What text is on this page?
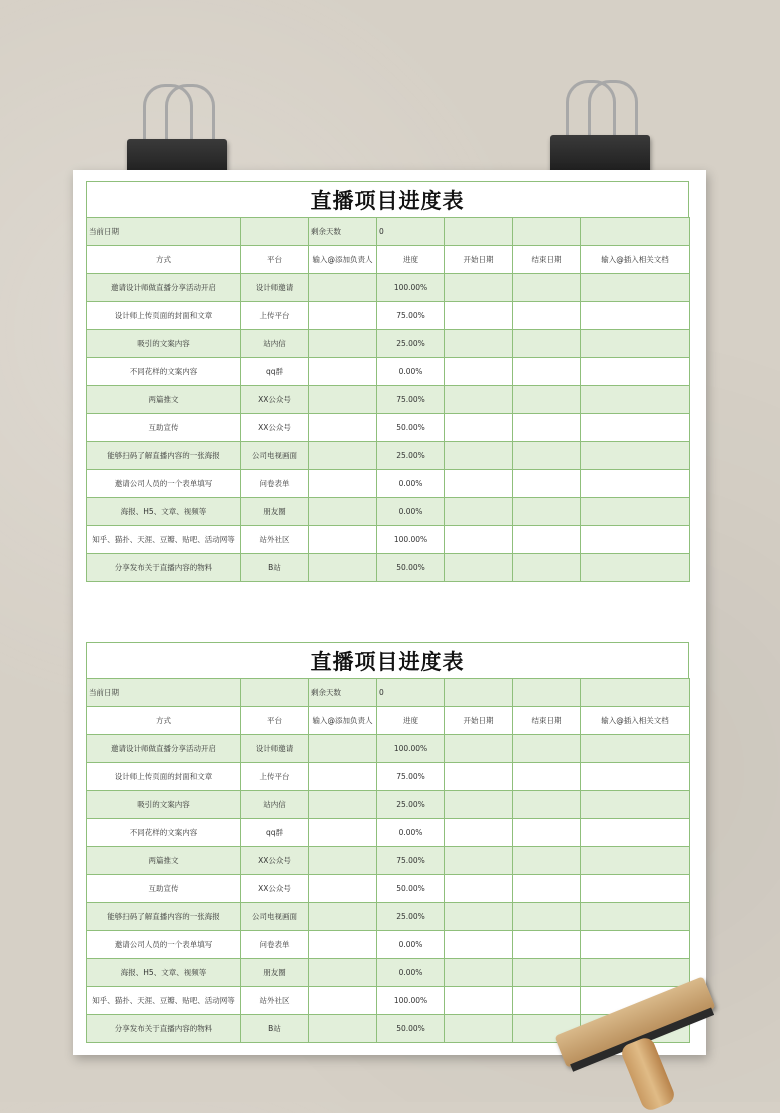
直播项目进度表
当前日期		剩余天数	0			
方式	平台	输入@添加负责人	进度	开始日期	结束日期	输入@插入相关文档
邀请设计师做直播分享活动开启	设计师邀请		100.00%			
设计师上传页面的封面和文章	上传平台		75.00%			
吸引的文案内容	站内信		25.00%			
不同花样的文案内容	qq群		0.00%			
两篇推文	XX公众号		75.00%			
互助宣传	XX公众号		50.00%			
能够扫码了解直播内容的一张海报	公司电视画面		25.00%			
邀请公司人员的一个表单填写	问卷表单		0.00%			
海报、H5、文章、视频等	朋友圈		0.00%			
知乎、猫扑、天涯、豆瓣、贴吧、活动网等	站外社区		100.00%			
分享发布关于直播内容的物料	B站		50.00%			
直播项目进度表
当前日期		剩余天数	0			
方式	平台	输入@添加负责人	进度	开始日期	结束日期	输入@插入相关文档
邀请设计师做直播分享活动开启	设计师邀请		100.00%			
设计师上传页面的封面和文章	上传平台		75.00%			
吸引的文案内容	站内信		25.00%			
不同花样的文案内容	qq群		0.00%			
两篇推文	XX公众号		75.00%			
互助宣传	XX公众号		50.00%			
能够扫码了解直播内容的一张海报	公司电视画面		25.00%			
邀请公司人员的一个表单填写	问卷表单		0.00%			
海报、H5、文章、视频等	朋友圈		0.00%			
知乎、猫扑、天涯、豆瓣、贴吧、活动网等	站外社区		100.00%			
分享发布关于直播内容的物料	B站		50.00%			
